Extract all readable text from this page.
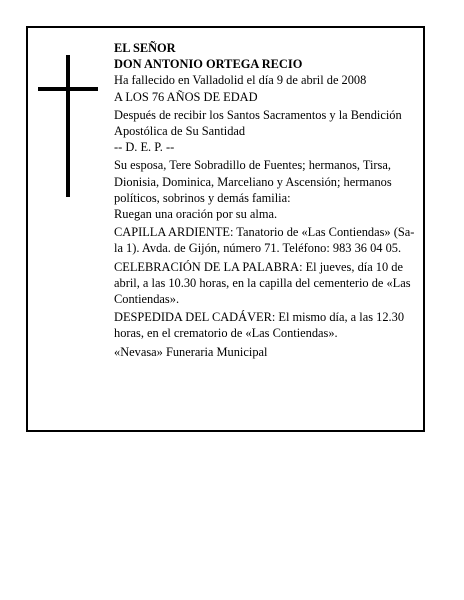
EL SEÑOR

DON ANTONIO ORTEGA RECIO

Ha fallecido en Valladolid el día 9 de abril de 2008

A LOS 76 AÑOS DE EDAD

Después de recibir los Santos Sacramentos y la Bendición Apostólica de Su Santidad

-- D. E. P. --

Su esposa, Tere Sobradillo de Fuentes; hermanos, Tirsa, Dionisia, Dominica, Marceliano y Ascensión; hermanos políticos, sobrinos y demás familia:

Ruegan una oración por su alma.

CAPILLA ARDIENTE: Tanatorio de «Las Contiendas» (Sa- la 1). Avda. de Gijón, número 71. Teléfono: 983 36 04 05.

CELEBRACIÓN DE LA PALABRA: El jueves, día 10 de abril, a las 10.30 horas, en la capilla del cementerio de «Las Contiendas».

DESPEDIDA DEL CADÁVER: El mismo día, a las 12.30 horas, en el crematorio de «Las Contiendas».

«Nevasa» Funeraria Municipal
